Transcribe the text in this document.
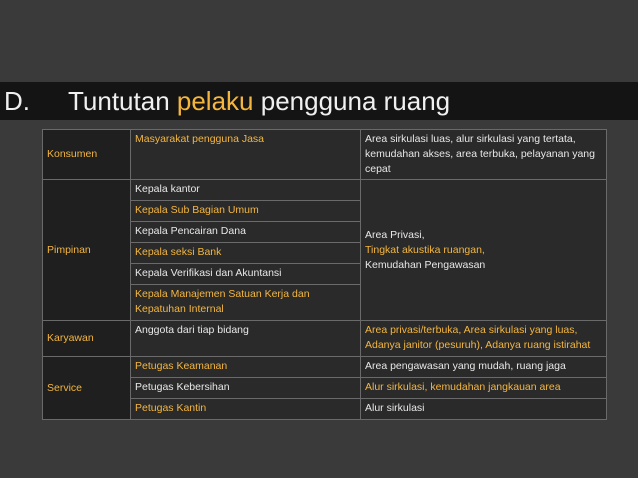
D. Tuntutan pelaku pengguna ruang
Konsumen	Masyarakat pengguna Jasa	Area sirkulasi luas, alur sirkulasi yang tertata,
kemudahan akses, area terbuka, pelayanan yang cepat

Pimpinan	Kepala kantor	Area Privasi,
Tingkat akustika ruangan,
Kemudahan Pengawasan

	Kepala Sub Bagian Umum	
	Kepala Pencairan Dana	
	Kepala seksi Bank	
	Kepala Verifikasi dan Akuntansi	
	Kepala Manajemen Satuan Kerja dan Kepatuhan Internal	
Karyawan	Anggota dari tiap bidang	Area privasi/terbuka, Area sirkulasi yang luas,
Adanya janitor (pesuruh), Adanya ruang istirahat

Service	Petugas Keamanan	Area pengawasan yang mudah, ruang jaga
	Petugas Kebersihan	Alur sirkulasi, kemudahan jangkauan area
	Petugas Kantin	Alur sirkulasi
